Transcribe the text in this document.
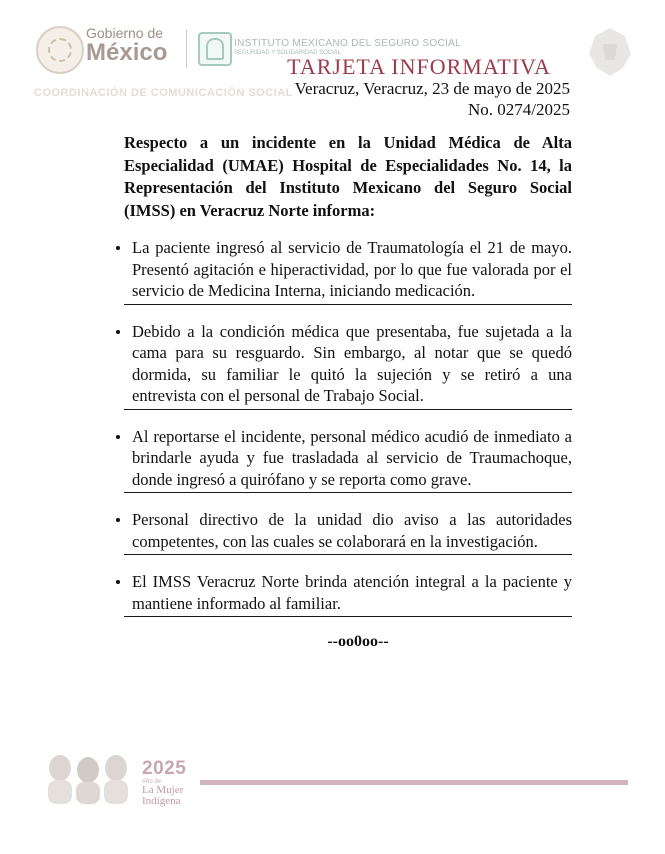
Gobierno de
México	INSTITUTO MEXICANO DEL SEGURO SOCIAL
SEGURIDAD Y SOLIDARIDAD SOCIAL
TARJETA INFORMATIVA
COORDINACIÓN DE COMUNICACIÓN SOCIAL Veracruz, Veracruz, 23 de mayo de 2025
No. 0274/2025

Respecto a un incidente en la Unidad Médica de Alta Especialidad (UMAE) Hospital de Especialidades No. 14, la Representación del Instituto Mexicano del Seguro Social (IMSS) en Veracruz Norte informa:

La paciente ingresó al servicio de Traumatología el 21 de mayo. Presentó agitación e hiperactividad, por lo que fue valorada por el servicio de Medicina Interna, iniciando medicación.
Debido a la condición médica que presentaba, fue sujetada a la cama para su resguardo. Sin embargo, al notar que se quedó dormida, su familiar le quitó la sujeción y se retiró a una entrevista con el personal de Trabajo Social.
Al reportarse el incidente, personal médico acudió de inmediato a brindarle ayuda y fue trasladada al servicio de Traumachoque, donde ingresó a quirófano y se reporta como grave.
Personal directivo de la unidad dio aviso a las autoridades competentes, con las cuales se colaborará en la investigación.
El IMSS Veracruz Norte brinda atención integral a la paciente y mantiene informado al familiar.
--oo0oo--
2025
Año de
La Mujer
Indígena
